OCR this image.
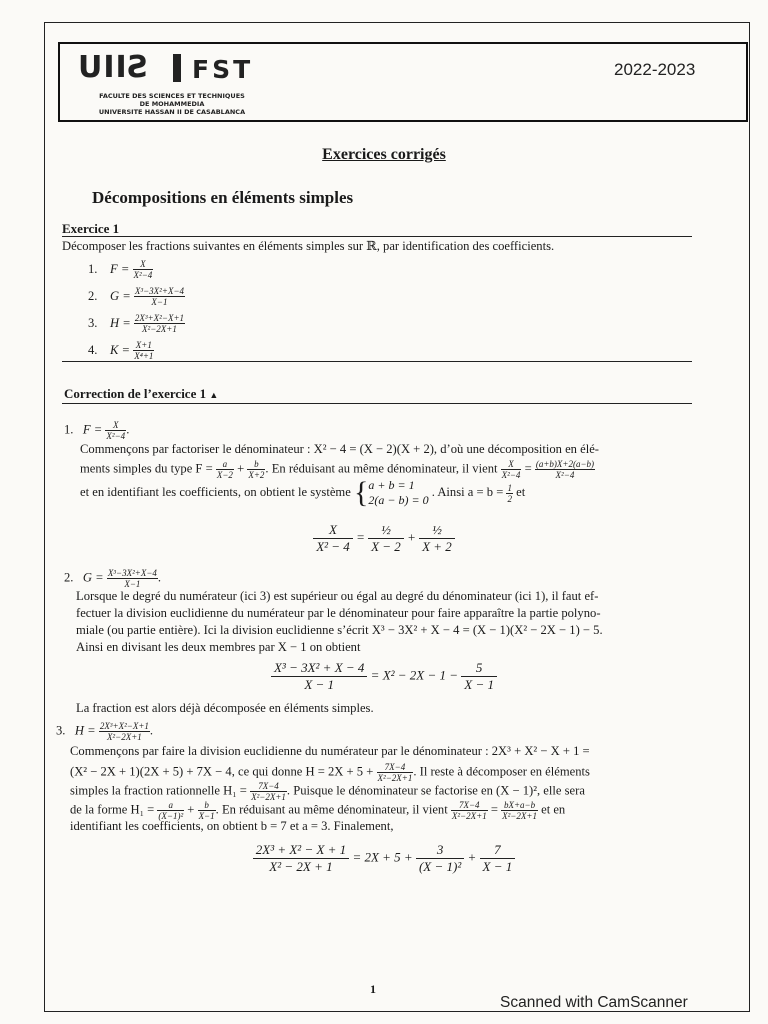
UIIƧ FST
FACULTE DES SCIENCES ET TECHNIQUES
DE MOHAMMEDIA
UNIVERSITE HASSAN II DE CASABLANCA
2022-2023
Exercices corrigés
Décompositions en éléments simples
Exercice 1
Décomposer les fractions suivantes en éléments simples sur ℝ, par identification des coefficients.
1. F =
$\frac{X}{\text{X²−4}}$
2. G =
$\frac{\text{X³−3X²+X−4}}{X-1}$
3. H =
$\frac{\text{2X³+X²−X+1}}{\text{X²−2X+1}}$
4. K =
$\frac{X+1}{\text{X⁴+1}}$
Correction de l’exercice 1 ▲
1. $F = \frac{X}{\text{X²−4}}$ .
Commençons par factoriser le dénominateur : X² − 4 = (X − 2)(X + 2), d’où une décomposition en élé-
ments simples du type $F = \frac{a}{X-2} + \frac{b}{X+2}$ . En réduisant au même dénominateur, il vient $\frac{X}{\text{X²−4}} = \frac{(a+b)X+2(a-b)}{\text{X²−4}}$
et en identifiant les coefficients, on obtient le système { a + b = 1
2(a − b) = 0
. Ainsi $a = b = \frac{1}{2}$ et
$\frac{X}{\text{X² − 4}} = \frac{\text{½}}{X - 2} + \frac{\text{½}}{X + 2}$
2. $G = \frac{\text{X³−3X²+X−4}}{X-1}$ .
Lorsque le degré du numérateur (ici 3) est supérieur ou égal au degré du dénominateur (ici 1), il faut ef-
fectuer la division euclidienne du numérateur par le dénominateur pour faire apparaître la partie polyno-
miale (ou partie entière). Ici la division euclidienne s’écrit X³ − 3X² + X − 4 = (X − 1)(X² − 2X − 1) − 5.
Ainsi en divisant les deux membres par X − 1 on obtient
$\frac{\text{X³ − 3X² + X − 4}}{X - 1} = X^2 - 2X - 1 - \frac{5}{X - 1}$
La fraction est alors déjà décomposée en éléments simples.
3. $H = \frac{\text{2X³+X²−X+1}}{\text{X²−2X+1}}$ .
Commençons par faire la division euclidienne du numérateur par le dénominateur : 2X³ + X² − X + 1 =
(X² − 2X + 1)(2X + 5) + 7X − 4, ce qui donne $H = 2X + 5 + \frac{7X-4}{\text{X²−2X+1}}$ . Il reste à décomposer en éléments
simples la fraction rationnelle $H_1 = \frac{7X-4}{\text{X²−2X+1}}$ . Puisque le dénominateur se factorise en (X − 1)², elle sera
de la forme $H_1 = \frac{a}{\text{(X−1)²}} + \frac{b}{X-1}$ . En réduisant au même dénominateur, il vient $\frac{7X-4}{\text{X²−2X+1}} = \frac{bX+a-b}{\text{X²−2X+1}}$ et en
identifiant les coefficients, on obtient b = 7 et a = 3. Finalement,
$\frac{\text{2X³ + X² − X + 1}}{\text{X² − 2X + 1}} = 2X + 5 + \frac{3}{\text{(X − 1)²}} + \frac{7}{X - 1}$
1
Scanned with CamScanner
